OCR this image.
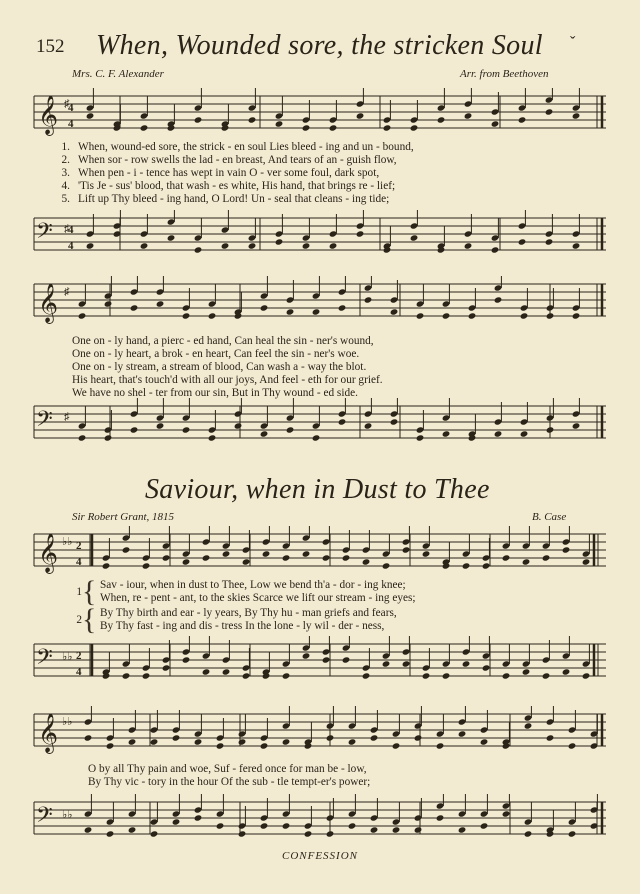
152 When, Wounded sore, the stricken Soul ˇ
Mrs. C. F. Alexander	Arr. from Beethoven
𝄞 ♯
4
4
1. When, wound-ed sore, the strick - en soul Lies bleed - ing and un - bound,
2. When sor - row swells the lad - en breast, And tears of an - guish flow,
3. When pen - i - tence has wept in vain O - ver some foul, dark spot,
4. 'Tis Je - sus' blood, that wash - es white, His hand, that brings re - lief;
5. Lift up Thy bleed - ing hand, O Lord! Un - seal that cleans - ing tide;
𝄢 ♯
4
4
𝄞 ♯
One on - ly hand, a pierc - ed hand, Can heal the sin - ner's wound,
One on - ly heart, a brok - en heart, Can feel the sin - ner's woe.
One on - ly stream, a stream of blood, Can wash a - way the blot.
His heart, that's touch'd with all our joys, And feel - eth for our grief.
We have no shel - ter from our sin, But in Thy wound - ed side.
𝄢 ♯
Saviour, when in Dust to Thee
Sir Robert Grant, 1815	B. Case
𝄞 ♭♭ 2
4
{
1
Sav - iour, when in dust to Thee, Low we bend th'a - dor - ing knee;
When, re - pent - ant, to the skies Scarce we lift our stream - ing eyes;
{
2
By Thy birth and ear - ly years, By Thy hu - man griefs and fears,
By Thy fast - ing and dis - tress In the lone - ly wil - der - ness,
𝄢 ♭♭ 2
4
𝄞 ♭♭
O by all Thy pain and woe, Suf - fered once for man be - low,
By Thy vic - tory in the hour Of the sub - tle tempt-er's power;
𝄢 ♭♭
CONFESSION
